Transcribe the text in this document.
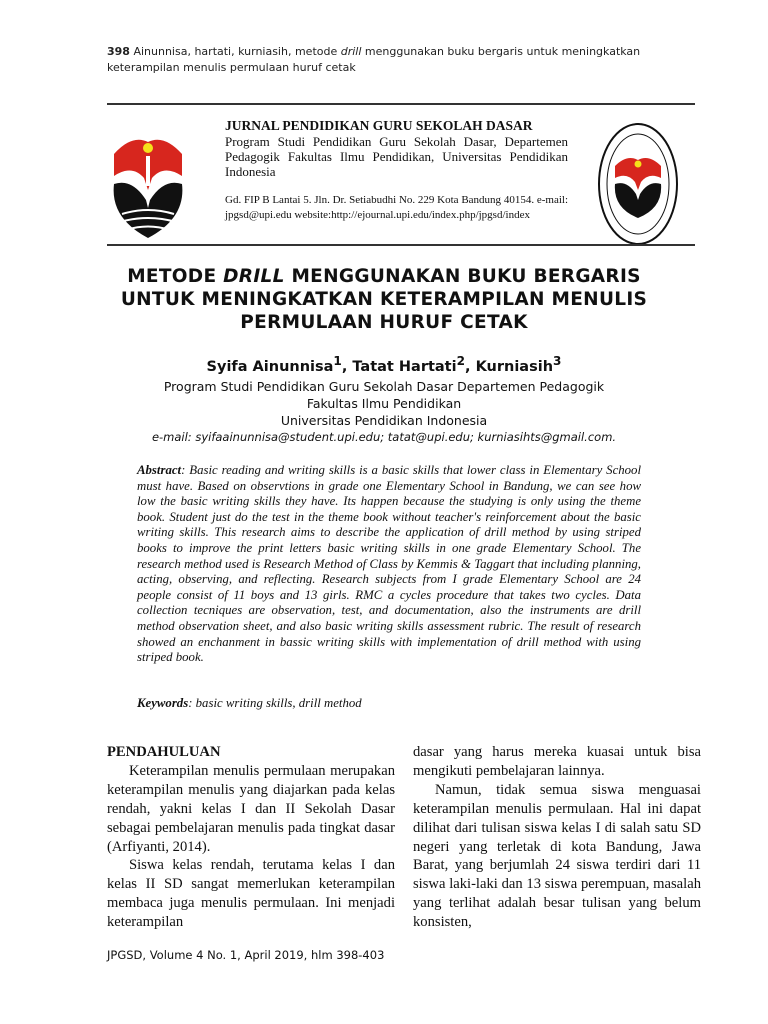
398 Ainunnisa, hartati, kurniasih, metode drill menggunakan buku bergaris untuk meningkatkan keterampilan menulis permulaan huruf cetak
JURNAL PENDIDIKAN GURU SEKOLAH DASAR
Program Studi Pendidikan Guru Sekolah Dasar, Departemen Pedagogik Fakultas Ilmu Pendidikan, Universitas Pendidikan Indonesia
Gd. FIP B Lantai 5. Jln. Dr. Setiabudhi No. 229 Kota Bandung 40154. e-mail: jpgsd@upi.edu website:http://ejournal.upi.edu/index.php/jpgsd/index
METODE DRILL MENGGUNAKAN BUKU BERGARIS UNTUK MENINGKATKAN KETERAMPILAN MENULIS PERMULAAN HURUF CETAK
Syifa Ainunnisa$^1$, Tatat Hartati$^2$, Kurniasih$^3$
Program Studi Pendidikan Guru Sekolah Dasar Departemen Pedagogik
Fakultas Ilmu Pendidikan
Universitas Pendidikan Indonesia
e-mail: syifaainunnisa@student.upi.edu; tatat@upi.edu; kurniasihts@gmail.com.
Abstract: Basic reading and writing skills is a basic skills that lower class in Elementary School must have. Based on observtions in grade one Elementary School in Bandung, we can see how low the basic writing skills they have. Its happen because the studying is only using the theme book. Student just do the test in the theme book without teacher's reinforcement about the basic writing skills. This research aims to describe the application of drill method by using striped books to improve the print letters basic writing skills in one grade Elementary School. The research method used is Research Method of Class by Kemmis & Taggart that including planning, acting, observing, and reflecting. Research subjects from I grade Elementary School are 24 people consist of 11 boys and 13 girls. RMC a cycles procedure that takes two cycles. Data collection tecniques are observation, test, and documentation, also the instruments are drill method observation sheet, and also basic writing skills assessment rubric. The result of research showed an enchanment in bassic writing skills with implementation of drill method with using striped book.
Keywords: basic writing skills, drill method
PENDAHULUAN

Keterampilan menulis permulaan merupakan keterampilan menulis yang diajarkan pada kelas rendah, yakni kelas I dan II Sekolah Dasar sebagai pembelajaran menulis pada tingkat dasar (Arfiyanti, 2014).

Siswa kelas rendah, terutama kelas I dan kelas II SD sangat memerlukan keterampilan membaca juga menulis permulaan. Ini menjadi keterampilan

dasar yang harus mereka kuasai untuk bisa mengikuti pembelajaran lainnya.

Namun, tidak semua siswa menguasai keterampilan menulis permulaan. Hal ini dapat dilihat dari tulisan siswa kelas I di salah satu SD negeri yang terletak di kota Bandung, Jawa Barat, yang berjumlah 24 siswa terdiri dari 11 siswa laki-laki dan 13 siswa perempuan, masalah yang terlihat adalah besar tulisan yang belum konsisten,

JPGSD, Volume 4 No. 1, April 2019, hlm 398-403
